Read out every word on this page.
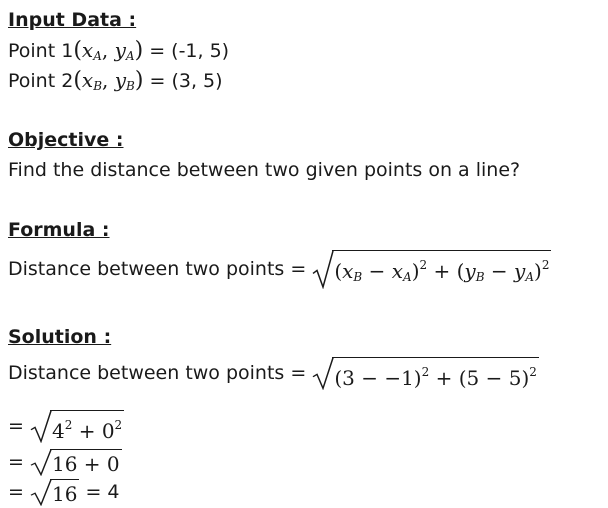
Input Data :
Point $1(x_A$, $y_A) = (-1$, 5)
Point $2(x_B$, $y_B) = (3$, 5)
Objective :
Find the distance between two given points on a line?
Formula :
Distance between two points =
$(x_B - x_A)^2 + (y_B - y_A)^2$
Solution :
Distance between two points =
$(3 - -1)^2 + (5 - 5)^2$
=
$4^2 + 0^2$
=
16 + 0
=
16 = 4
